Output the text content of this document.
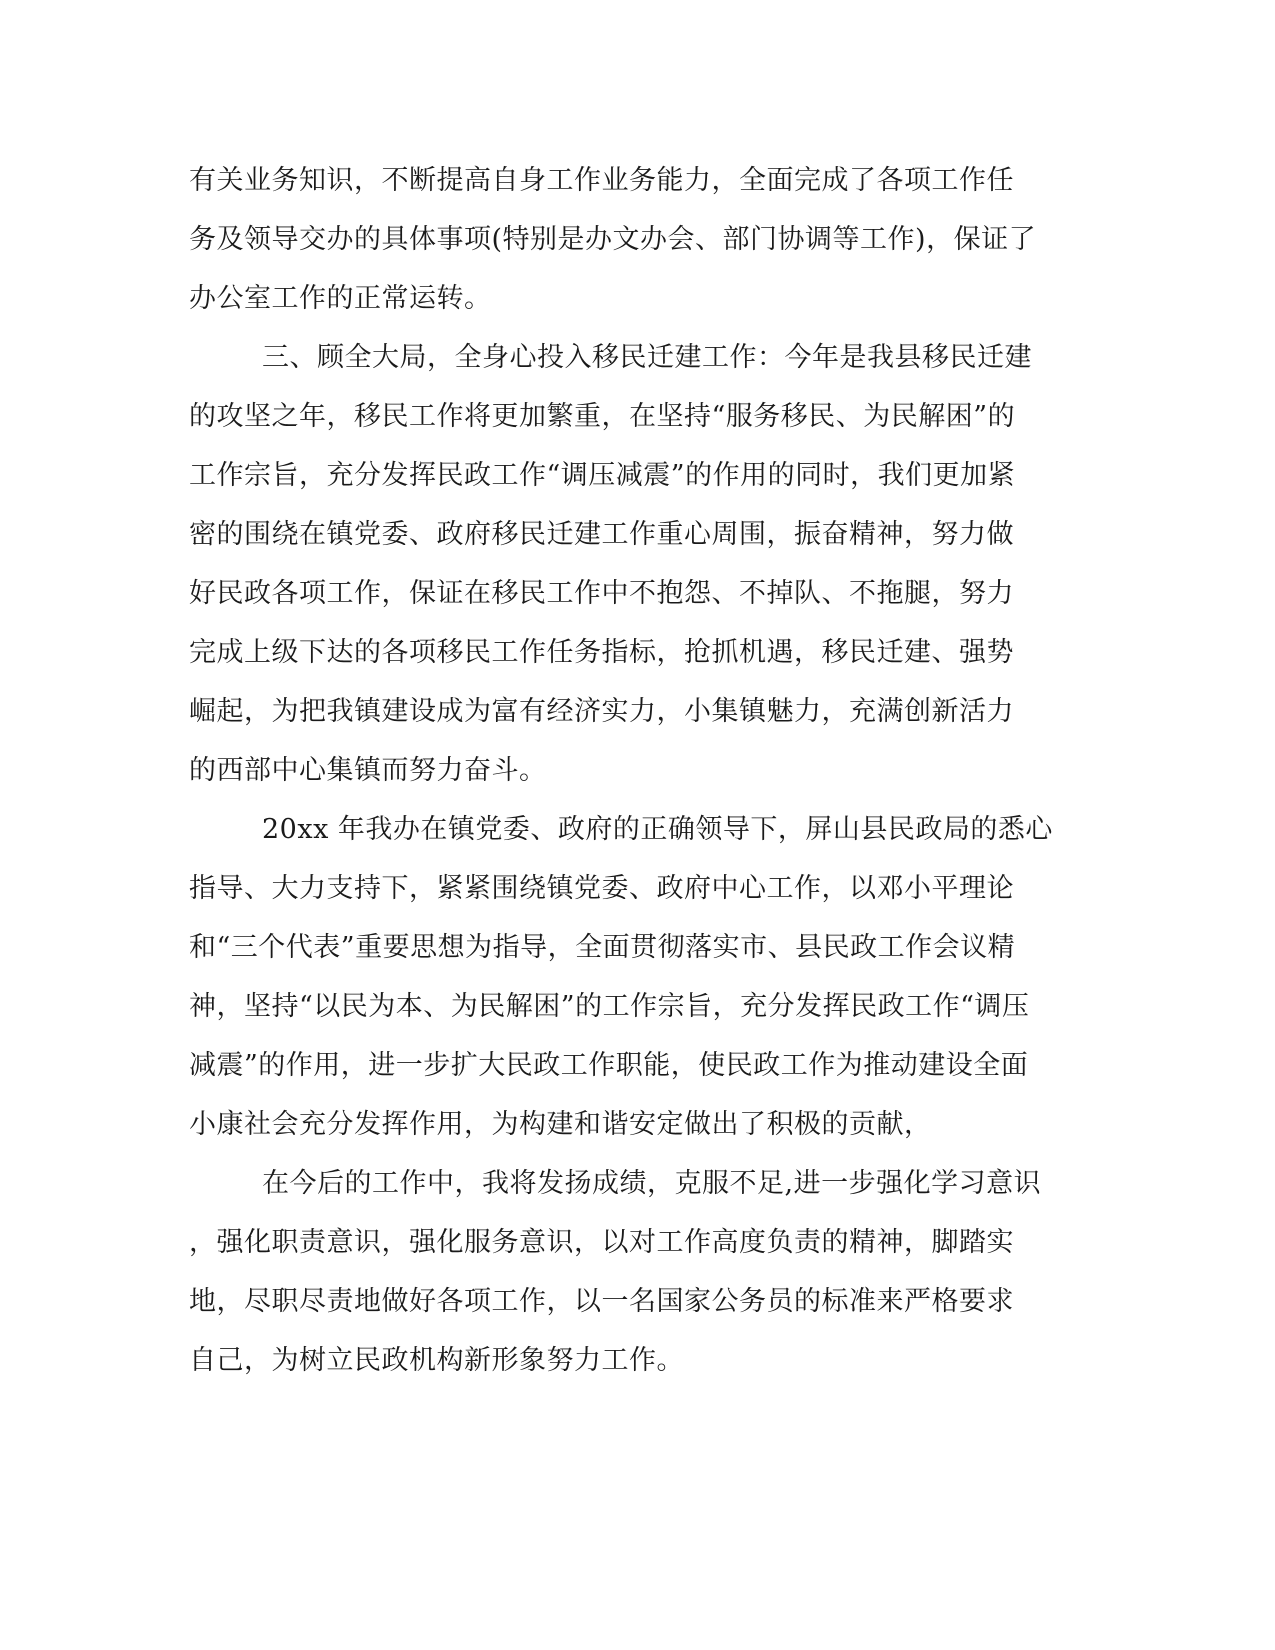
有关业务知识，不断提高自身工作业务能力，全面完成了各项工作任
务及领导交办的具体事项(特别是办文办会、部门协调等工作)，保证了
办公室工作的正常运转。
三、顾全大局，全身心投入移民迁建工作：今年是我县移民迁建
的攻坚之年，移民工作将更加繁重，在坚持“服务移民、为民解困”的
工作宗旨，充分发挥民政工作“调压减震”的作用的同时，我们更加紧
密的围绕在镇党委、政府移民迁建工作重心周围，振奋精神，努力做
好民政各项工作，保证在移民工作中不抱怨、不掉队、不拖腿，努力
完成上级下达的各项移民工作任务指标，抢抓机遇，移民迁建、强势
崛起，为把我镇建设成为富有经济实力，小集镇魅力，充满创新活力
的西部中心集镇而努力奋斗。
20xx 年我办在镇党委、政府的正确领导下，屏山县民政局的悉心
指导、大力支持下，紧紧围绕镇党委、政府中心工作，以邓小平理论
和“三个代表”重要思想为指导，全面贯彻落实市、县民政工作会议精
神，坚持“以民为本、为民解困”的工作宗旨，充分发挥民政工作“调压
减震”的作用，进一步扩大民政工作职能，使民政工作为推动建设全面
小康社会充分发挥作用，为构建和谐安定做出了积极的贡献，
在今后的工作中，我将发扬成绩，克服不足,进一步强化学习意识
，强化职责意识，强化服务意识，以对工作高度负责的精神，脚踏实
地，尽职尽责地做好各项工作，以一名国家公务员的标准来严格要求
自己，为树立民政机构新形象努力工作。
